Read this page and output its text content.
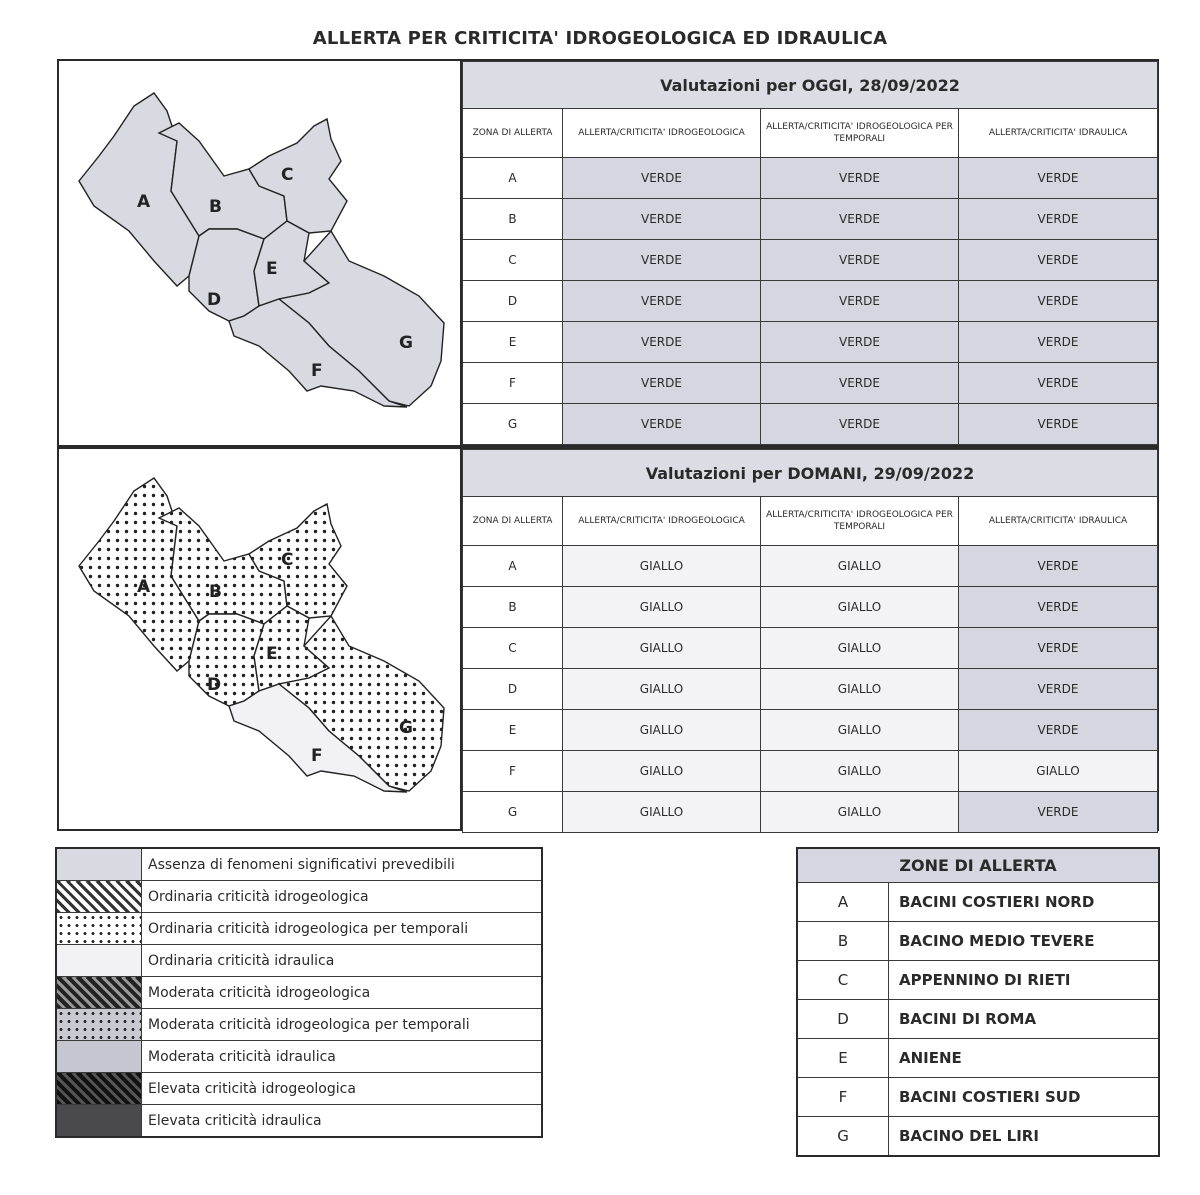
ALLERTA PER CRITICITA' IDROGEOLOGICA ED IDRAULICA
A	B
C
D
E
F
G
Valutazioni per OGGI, 28/09/2022			
ZONA DI ALLERTA	ALLERTA/CRITICITA' IDROGEOLOGICA	ALLERTA/CRITICITA' IDROGEOLOGICA PER TEMPORALI	ALLERTA/CRITICITA' IDRAULICA
A	VERDE	VERDE	VERDE
B	VERDE	VERDE	VERDE
C	VERDE	VERDE	VERDE
D	VERDE	VERDE	VERDE
E	VERDE	VERDE	VERDE
F	VERDE	VERDE	VERDE
G	VERDE	VERDE	VERDE
A	B
C
D
E
F
G
Valutazioni per DOMANI, 29/09/2022			
ZONA DI ALLERTA	ALLERTA/CRITICITA' IDROGEOLOGICA	ALLERTA/CRITICITA' IDROGEOLOGICA PER TEMPORALI	ALLERTA/CRITICITA' IDRAULICA
A	GIALLO	GIALLO	VERDE
B	GIALLO	GIALLO	VERDE
C	GIALLO	GIALLO	VERDE
D	GIALLO	GIALLO	VERDE
E	GIALLO	GIALLO	VERDE
F	GIALLO	GIALLO	GIALLO
G	GIALLO	GIALLO	VERDE
	Assenza di fenomeni significativi prevedibili
	Ordinaria criticità idrogeologica
	Ordinaria criticità idrogeologica per temporali
	Ordinaria criticità idraulica
	Moderata criticità idrogeologica
	Moderata criticità idrogeologica per temporali
	Moderata criticità idraulica
	Elevata criticità idrogeologica
	Elevata criticità idraulica
ZONE DI ALLERTA	
A	BACINI COSTIERI NORD
B	BACINO MEDIO TEVERE
C	APPENNINO DI RIETI
D	BACINI DI ROMA
E	ANIENE
F	BACINI COSTIERI SUD
G	BACINO DEL LIRI
